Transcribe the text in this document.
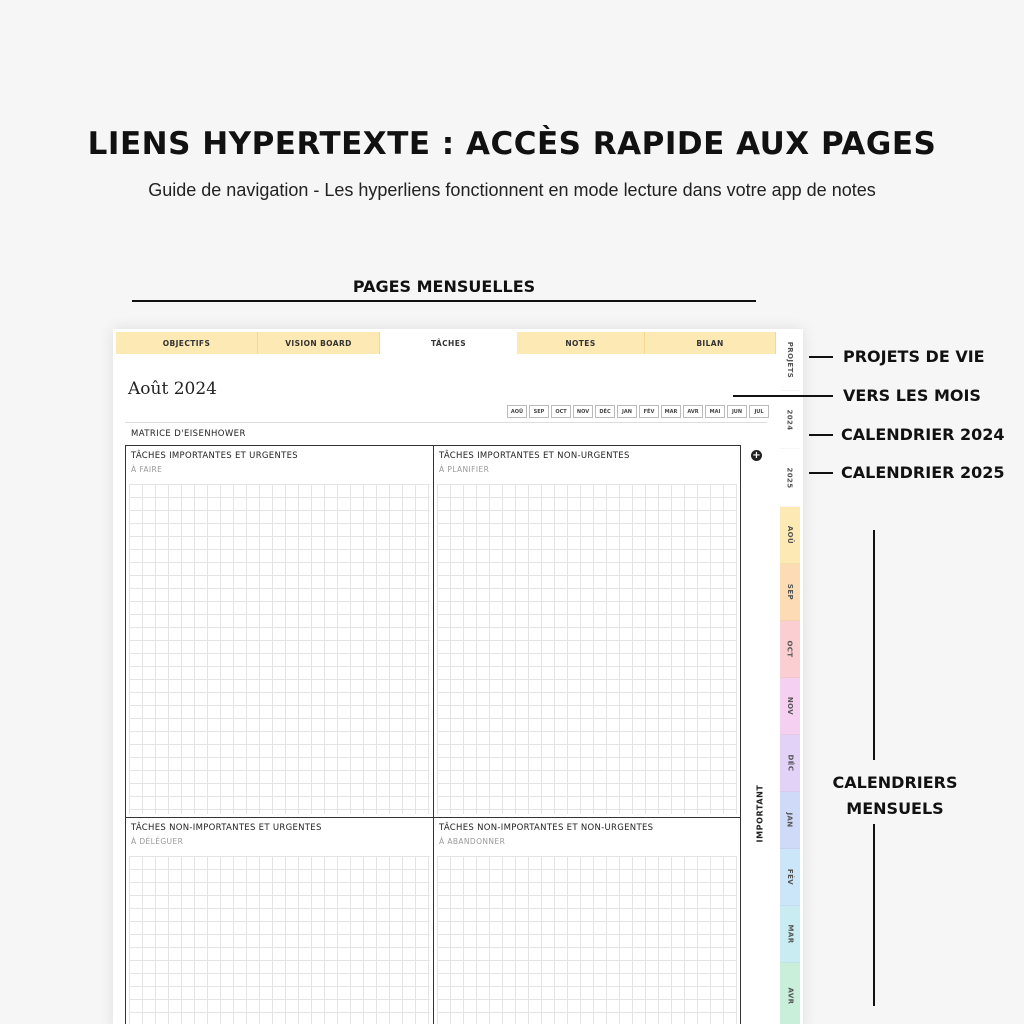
LIENS HYPERTEXTE : ACCÈS RAPIDE AUX PAGES
Guide de navigation - Les hyperliens fonctionnent en mode lecture dans votre app de notes
PAGES MENSUELLES
OBJECTIFS	VISION BOARD	TÂCHES	NOTES	BILAN
Août 2024
AOÛ	SEP	OCT	NOV	DÉC	JAN	FÉV	MAR	AVR	MAI	JUN	JUL
MATRICE D'EISENHOWER
TÂCHES IMPORTANTES ET URGENTES
À FAIRE
TÂCHES IMPORTANTES ET NON-URGENTES
À PLANIFIER
TÂCHES NON-IMPORTANTES ET URGENTES
À DÉLÉGUER
TÂCHES NON-IMPORTANTES ET NON-URGENTES
À ABANDONNER
+
IMPORTANT
PROJETS
2024
2025
AOÛ
SEP
OCT
NOV
DÉC
JAN
FÉV
MAR
AVR
PROJETS DE VIE
VERS LES MOIS
CALENDRIER 2024
CALENDRIER 2025
CALENDRIERS
MENSUELS
